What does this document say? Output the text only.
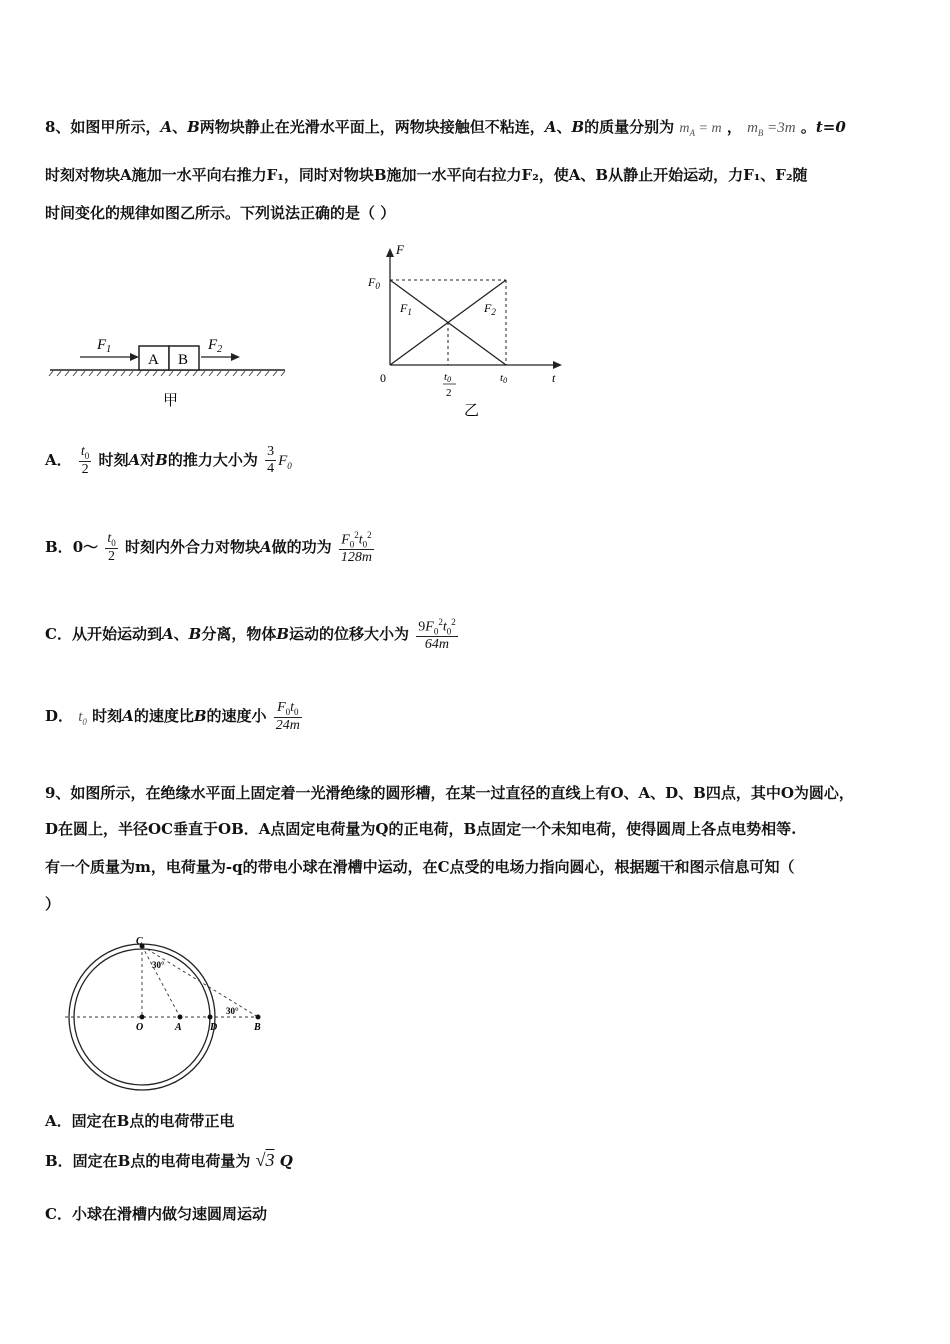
8、如图甲所示，A、B两物块静止在光滑水平面上，两物块接触但不粘连，A、B的质量分别为 $m_A = m$ ， $m_B =3m$ 。t=0
时刻对物块A施加一水平向右推力F₁，同时对物块B施加一水平向右拉力F₂，使A、B从静止开始运动，力F₁、F₂随
时间变化的规律如图乙所示。下列说法正确的是（ ）
A B
$F_1$	$F_2$
甲
F
t
$F_0$
0
$F_1$	$F_2$
t0
2
t0
乙
A． $\frac{t_0}{2}$ 时刻A对B的推力大小为 $\frac{3}{4} F_0$
B．0～ $\frac{t_0}{2}$ 时刻内外合力对物块A做的功为 $\frac{F_0^2t_0^2}{128m}$
C．从开始运动到A、B分离，物体B运动的位移大小为 $\frac{9F_0^2t_0^2}{64m}$
D． $t_0$ 时刻A的速度比B的速度小 $\frac{F_0t_0}{24m}$
9、如图所示，在绝缘水平面上固定着一光滑绝缘的圆形槽，在某一过直径的直线上有O、A、D、B四点，其中O为圆心，
D在圆上，半径OC垂直于OB．A点固定电荷量为Q的正电荷，B点固定一个未知电荷，使得圆周上各点电势相等.
有一个质量为m，电荷量为-q的带电小球在滑槽中运动，在C点受的电场力指向圆心，根据题干和图示信息可知（
）
C
30°
30°
O	A	D	B
A．固定在B点的电荷带正电
B．固定在B点的电荷电荷量为 √3 Q
C．小球在滑槽内做匀速圆周运动
